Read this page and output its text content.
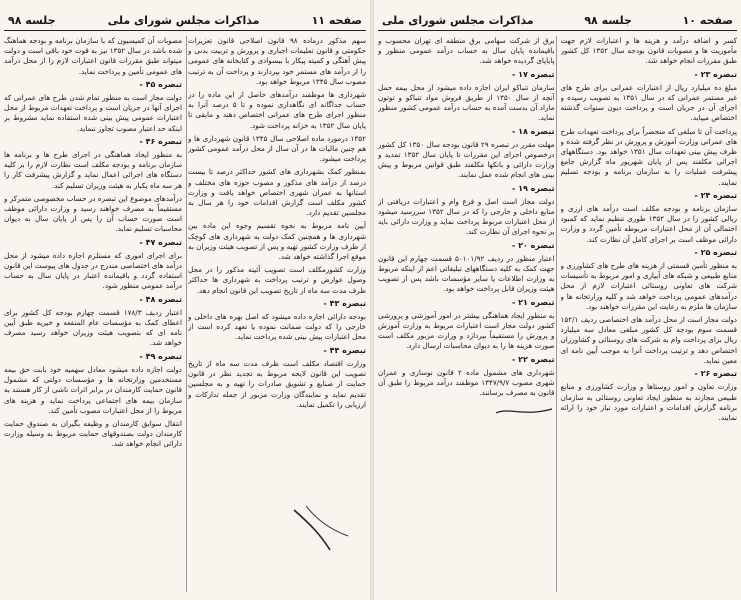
صفحه ۱۱
مذاکرات مجلس شورای ملی
جلسه ۹۸

سهم مذکور درماده ۹۸ قانون اصلاحی قانون تعزیرات حکومتی و قانون تعلیمات اجباری و پرورش و تربیت بدنی و پیش آهنگی و کمیته پیکار با بیسوادی و کتابخانه های عمومی را از درآمد های مستمر خود بپردازند و پرداخت آن به ترتیب مصوب سال ۱۳۴۵ مربوط خواهد بود.

شهرداری ها موظفند درآمدهای حاصل از این ماده را در حساب جداگانه ای نگاهداری نموده و تا ۵ درصد آنرا به منظور اجرای طرح های عمرانی اختصاص دهند و مابقی تا پایان سال ۱۳۵۲ به خزانه پرداخت شود.

۱۳۵۲ درمورد ماده اصلاحی سال ۱۳۴۵ قانون شهرداری ها و هم چنین مالیات ها در آن سال از محل درآمد عمومی کشور پرداخت میشود.

بمنظور کمک بشهرداری های کشور حداکثر درصد تا بیست درصد از درآمد های مذکور و مصوب حوزه های مختلف و استانها به عمران شهری اختصاص خواهد یافت و وزارت کشور مکلف است گزارش اقدامات خود را هر سال به مجلسین تقدیم دارد.

آیین نامه مربوط به نحوه تقسیم وجوه این ماده بین شهرداری ها و همچنین کمک دولت به شهرداری های کوچک از طرف وزارت کشور تهیه و پس از تصویب هیئت وزیران به موقع اجرا گذاشته خواهد شد.

وزارت کشورمکلف است تصویب آئینه مذکور را در محل وصول عوارض و ترتیب پرداخت به شهرداری ها حداکثر ظرف مدت سه ماه از تاریخ تصویب این قانون انجام دهد.

تبصره ۴۳ -

بودجه دارائی اجاره داده میشود که اصل بهره های داخلی و خارجی را که دولت ضمانت نموده یا تعهد کرده است از محل اعتبارات پیش بینی شده پرداخت نماید.

تبصره ۴۴ -

وزارت اقتصاد مکلف است ظرف مدت سه ماه از تاریخ تصویب این قانون لایحه مربوط به تجدید نظر در قانون حمایت از صنایع و تشویق صادرات را تهیه و به مجلسین تقدیم نماید و نمایندگان وزارت مزبور از جمله تدارکات و ارزیابی را تکمیل نمایند.

مصوبات آن کمیسیون که با سازمان برنامه و بودجه هماهنگ شده باشد در سال ۱۳۵۲ نیز به قوت خود باقی است و دولت میتواند طبق مقررات قانون اعتبارات لازم را از محل درآمد های عمومی تأمین و پرداخت نماید.

تبصره ۴۵ -

دولت مجاز است به منظور تمام شدن طرح های عمرانی که اجرای آنها در جریان است و پرداخت تعهدات مربوط از محل اعتبارات عمومی پیش بینی شده استفاده نماید مشروط بر اینکه حد اعتبار مصوب تجاوز ننماید.

تبصره ۴۶ -

به منظور ایجاد هماهنگی در اجرای طرح ها و برنامه ها سازمان برنامه و بودجه مکلف است نظارت لازم را بر کلیه دستگاه های اجرائی اعمال نماید و گزارش پیشرفت کار را هر سه ماه یکبار به هیئت وزیران تسلیم کند.

درآمدهای موضوع این تبصره در حساب مخصوصی متمرکز و مستقیماً به مصرف خواهند رسید و وزارت دارائی موظف است صورت حساب آن را پس از پایان سال به دیوان محاسبات تسلیم نماید.

تبصره ۴۷ -

برای اجرای اموری که مستلزم اجازه داده میشود از محل درآمد های اختصاصی مندرج در جدول های پیوست این قانون استفاده گردد و باقیمانده اعتبار در پایان سال به حساب درآمد عمومی منظور شود.

تبصره ۴۸ -

اعتبار ردیف ۱۷۸/۳ قسمت چهارم بودجه کل کشور برای اعطای کمک به مؤسسات عام المنفعه و خیریه طبق آیین نامه ای که بتصویب هیئت وزیران خواهد رسید مصرف خواهد شد.

تبصره ۴۹ -

دولت اجازه داده میشود معادل سهمیه خود بابت حق بیمه مستخدمین وزارتخانه ها و مؤسسات دولتی که مشمول قانون حمایت کارمندان در برابر اثرات ناشی از کار هستند به سازمان بیمه های اجتماعی پرداخت نماید و هزینه های مربوط را از محل اعتبارات مصوب تأمین کند.

انتقال سوابق کارمندان و وظیفه بگیران به صندوق حمایت کارمندان دولت بصندوقهای حمایت مربوط به وسیله وزارت دارائی انجام خواهد شد.

صفحه ۱۰
جلسه ۹۸
مذاکرات مجلس شورای ملی

کسر و اضافه درآمد و هزینه ها و اعتبارات لازم جهت مأموریت ها و مصوبات قانون بودجه سال ۱۳۵۲ کل کشور طبق مقررات انجام خواهد شد.

تبصره ۲۳ -

مبلغ ده میلیارد ریال از اعتبارات عمرانی برای طرح های غیر مستمر عمرانی که در سال ۱۳۵۱ به تصویب رسیده و اجرای آن در جریان است و پرداخت دیون سنوات گذشته اختصاص مییابد.

پرداخت آن تا مبلغی که منحصراً برای پرداخت تعهدات طرح های عمرانی وزارت آموزش و پرورش در نظر گرفته شده و ظرف پیش بینی تعهدات سال ۱۳۵۱ خواهد بود. دستگاههای اجرائی مکلفند پس از پایان شهریور ماه گزارش جامع پیشرفت عملیات را به سازمان برنامه و بودجه تسلیم نمایند.

تبصره ۲۴ -

سازمان برنامه و بودجه مکلف است درآمد های ارزی و ریالی کشور را در سال ۱۳۵۲ طوری تنظیم نماید که کمبود احتمالی آن از محل اعتبارات مربوطه تأمین گردد و وزارت دارائی موظف است بر اجرای کامل آن نظارت کند.

تبصره ۲۵ -

به منظور تأمین قسمتی از هزینه های طرح های کشاورزی و منابع طبیعی و شبکه های آبیاری و امور مربوط به تأسیسات شرکت های تعاونی روستائی اعتبارات لازم از محل درآمدهای عمومی پرداخت خواهد شد و کلیه وزارتخانه ها و سازمان ها ملزم به رعایت این مقررات خواهند بود.

دولت مجاز است از محل درآمد های اختصاصی ردیف ۱۵۲/۱ قسمت سوم بودجه کل کشور مبلغی معادل سه میلیارد ریال برای پرداخت وام به شرکت های روستائی و کشاورزان اختصاص دهد و ترتیب پرداخت آنرا به موجب آیین نامه ای معین نماید.

تبصره ۲۶ -

وزارت تعاون و امور روستاها و وزارت کشاورزی و منابع طبیعی مجازند به منظور ایجاد تعاونی روستائی به سازمان برنامه گزارش اقدامات و اعتبارات مورد نیاز خود را ارائه نمایند.

برق از شرکت سهامی برق منطقه ای تهران محسوب و باقیمانده پایان سال به حساب درآمد عمومی منظور و پایاپای گردیده خواهد شد.

تبصره ۱۷ -

سازمان تنباکو ایران اجازه داده میشود از محل بیمه حمل آنچه از سال ۱۳۵۰ از طریق فروش مواد تنباکو و توتون مازاد آن بدست آمده به حساب درآمد عمومی کشور منظور نماید.

تبصره ۱۸ -

مهلت مقرر در تبصره ۲۹ قانون بودجه سال ۱۳۵۰ کل کشور درخصوص اجرای این مقررات تا پایان سال ۱۳۵۲ تمدید و وزارت دارائی و بانکها مکلفند طبق قوانین مربوط و پیش بینی های انجام شده عمل نمایند.

تبصره ۱۹ -

دولت مجاز است اصل و فرع وام و اعتبارات دریافتی از منابع داخلی و خارجی را که در سال ۱۳۵۲ سررسید میشود از محل اعتبارات مربوط پرداخت نماید و وزارت دارائی باید بر نحوه اجرای آن نظارت کند.

تبصره ۲۰ -

اعتبار منظور در ردیف ۵۰۱۰۱/۹۲ قسمت چهارم این قانون جهت کمک به کلیه دستگاههای تبلیغاتی اعم از اینکه مربوط به وزارت اطلاعات یا سایر مؤسسات باشد پس از تصویب هیئت وزیران قابل پرداخت خواهد بود.

تبصره ۲۱ -

به منظور ایجاد هماهنگی بیشتر در امور آموزشی و پرورشی کشور دولت مجاز است اعتبارات مربوط به وزارت آموزش و پرورش را مستقیماً بپردازد و وزارت مزبور مکلف است صورت هزینه ها را به دیوان محاسبات ارسال دارد.

تبصره ۲۲ -

شهرداری های مشمول ماده ۲ قانون نوسازی و عمران شهری مصوب ۱۳۴۷/۹/۷ موظفند درآمد مربوط را طبق آن قانون به مصرف برسانند.
